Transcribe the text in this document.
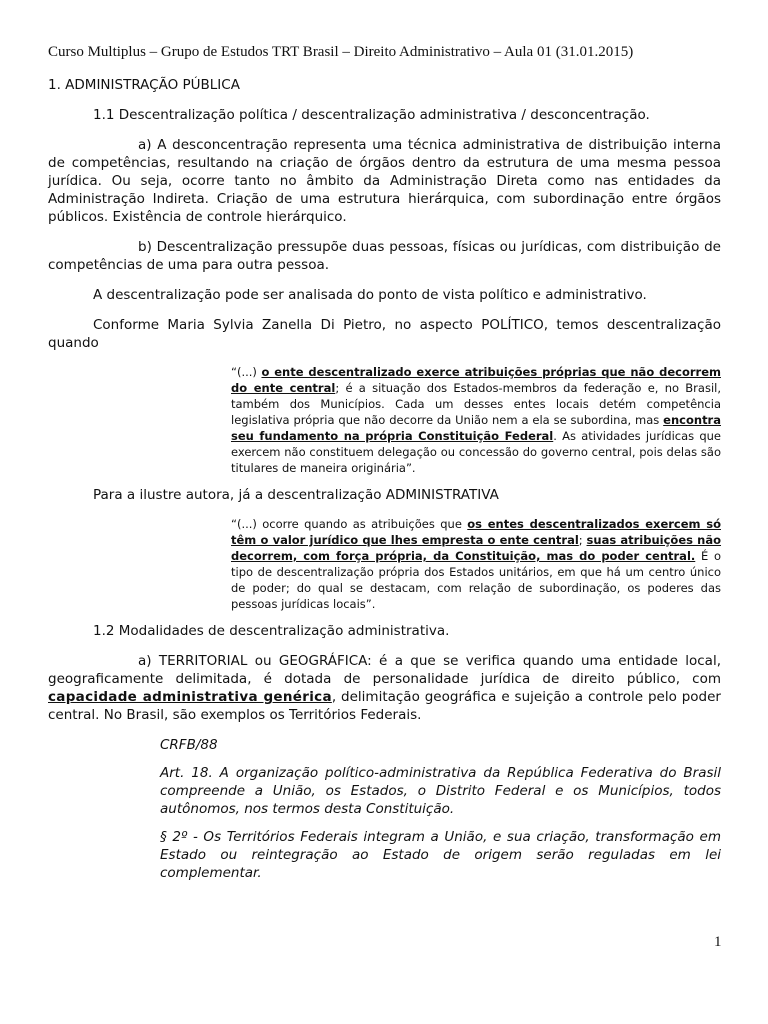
Curso Multiplus – Grupo de Estudos TRT Brasil – Direito Administrativo – Aula 01 (31.01.2015)

1. ADMINISTRAÇÃO PÚBLICA

1.1 Descentralização política / descentralização administrativa / desconcentração.

a) A desconcentração representa uma técnica administrativa de distribuição interna de competências, resultando na criação de órgãos dentro da estrutura de uma mesma pessoa jurídica. Ou seja, ocorre tanto no âmbito da Administração Direta como nas entidades da Administração Indireta. Criação de uma estrutura hierárquica, com subordinação entre órgãos públicos. Existência de controle hierárquico.

b) Descentralização pressupõe duas pessoas, físicas ou jurídicas, com distribuição de competências de uma para outra pessoa.

A descentralização pode ser analisada do ponto de vista político e administrativo.

Conforme Maria Sylvia Zanella Di Pietro, no aspecto POLÍTICO, temos descentralização quando

“(...) o ente descentralizado exerce atribuições próprias que não decorrem do ente central; é a situação dos Estados-membros da federação e, no Brasil, também dos Municípios. Cada um desses entes locais detém competência legislativa própria que não decorre da União nem a ela se subordina, mas encontra seu fundamento na própria Constituição Federal. As atividades jurídicas que exercem não constituem delegação ou concessão do governo central, pois delas são titulares de maneira originária”.

Para a ilustre autora, já a descentralização ADMINISTRATIVA

“(...) ocorre quando as atribuições que os entes descentralizados exercem só têm o valor jurídico que lhes empresta o ente central; suas atribuições não decorrem, com força própria, da Constituição, mas do poder central. É o tipo de descentralização própria dos Estados unitários, em que há um centro único de poder; do qual se destacam, com relação de subordinação, os poderes das pessoas jurídicas locais”.

1.2 Modalidades de descentralização administrativa.

a) TERRITORIAL ou GEOGRÁFICA: é a que se verifica quando uma entidade local, geograficamente delimitada, é dotada de personalidade jurídica de direito público, com capacidade administrativa genérica, delimitação geográfica e sujeição a controle pelo poder central. No Brasil, são exemplos os Territórios Federais.

CRFB/88

Art. 18. A organização político-administrativa da República Federativa do Brasil compreende a União, os Estados, o Distrito Federal e os Municípios, todos autônomos, nos termos desta Constituição.

§ 2º - Os Territórios Federais integram a União, e sua criação, transformação em Estado ou reintegração ao Estado de origem serão reguladas em lei complementar.

1
